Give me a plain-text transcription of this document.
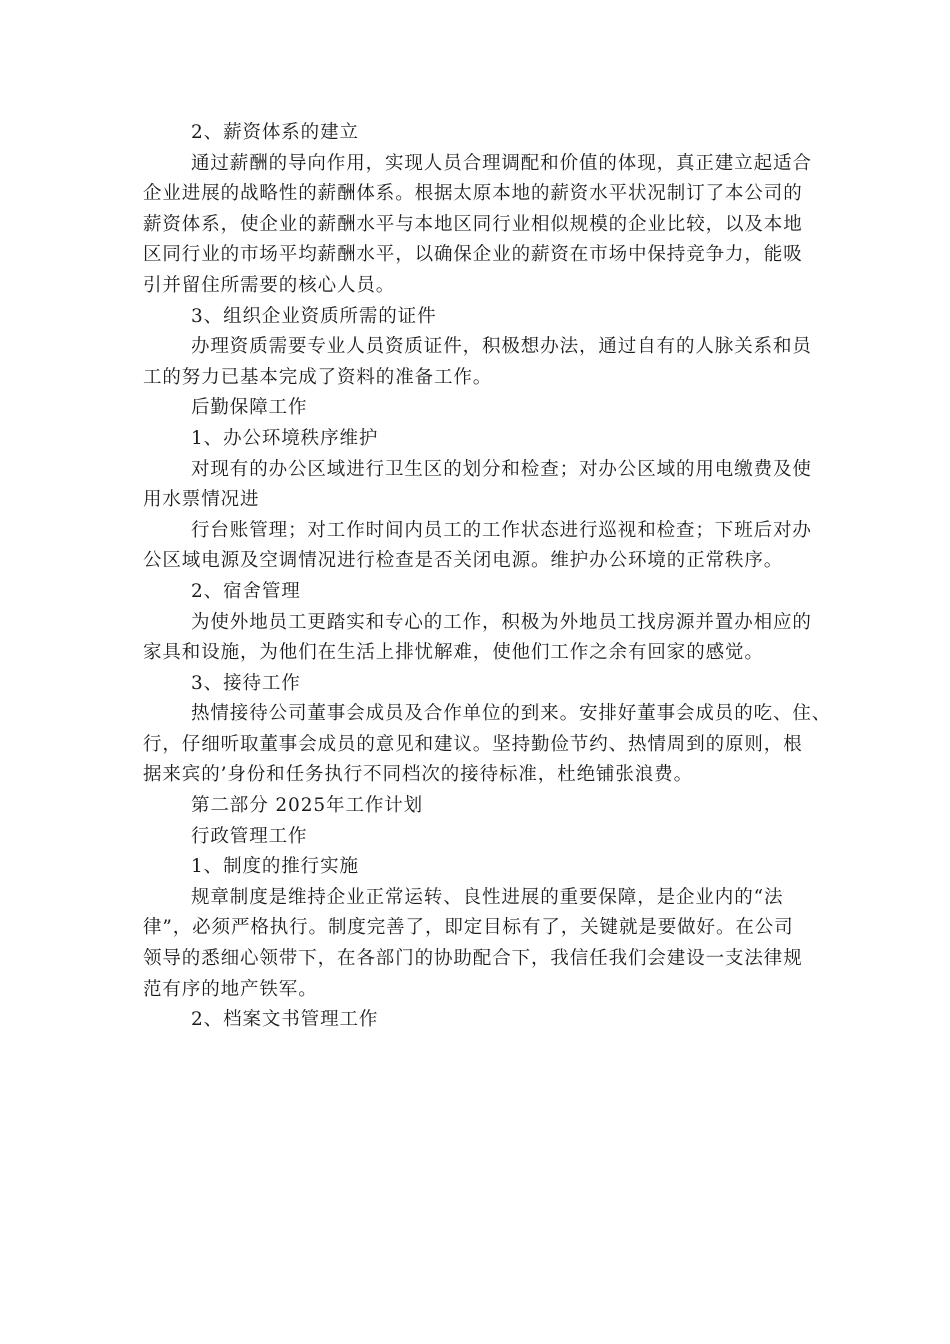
2、薪资体系的建立
通过薪酬的导向作用，实现人员合理调配和价值的体现，真正建立起适合
企业进展的战略性的薪酬体系。根据太原本地的薪资水平状况制订了本公司的
薪资体系，使企业的薪酬水平与本地区同行业相似规模的企业比较，以及本地
区同行业的市场平均薪酬水平，以确保企业的薪资在市场中保持竞争力，能吸
引并留住所需要的核心人员。
3、组织企业资质所需的证件
办理资质需要专业人员资质证件，积极想办法，通过自有的人脉关系和员
工的努力已基本完成了资料的准备工作。
后勤保障工作
1、办公环境秩序维护
对现有的办公区域进行卫生区的划分和检查；对办公区域的用电缴费及使
用水票情况进
行台账管理；对工作时间内员工的工作状态进行巡视和检查；下班后对办
公区域电源及空调情况进行检查是否关闭电源。维护办公环境的正常秩序。
2、宿舍管理
为使外地员工更踏实和专心的工作，积极为外地员工找房源并置办相应的
家具和设施，为他们在生活上排忧解难，使他们工作之余有回家的感觉。
3、接待工作
热情接待公司董事会成员及合作单位的到来。安排好董事会成员的吃、住、
行，仔细听取董事会成员的意见和建议。坚持勤俭节约、热情周到的原则，根
据来宾的’身份和任务执行不同档次的接待标准，杜绝铺张浪费。
第二部分 2025年工作计划
行政管理工作
1、制度的推行实施
规章制度是维持企业正常运转、良性进展的重要保障，是企业内的“法
律”，必须严格执行。制度完善了，即定目标有了，关键就是要做好。在公司
领导的悉细心领带下，在各部门的协助配合下，我信任我们会建设一支法律规
范有序的地产铁军。
2、档案文书管理工作
